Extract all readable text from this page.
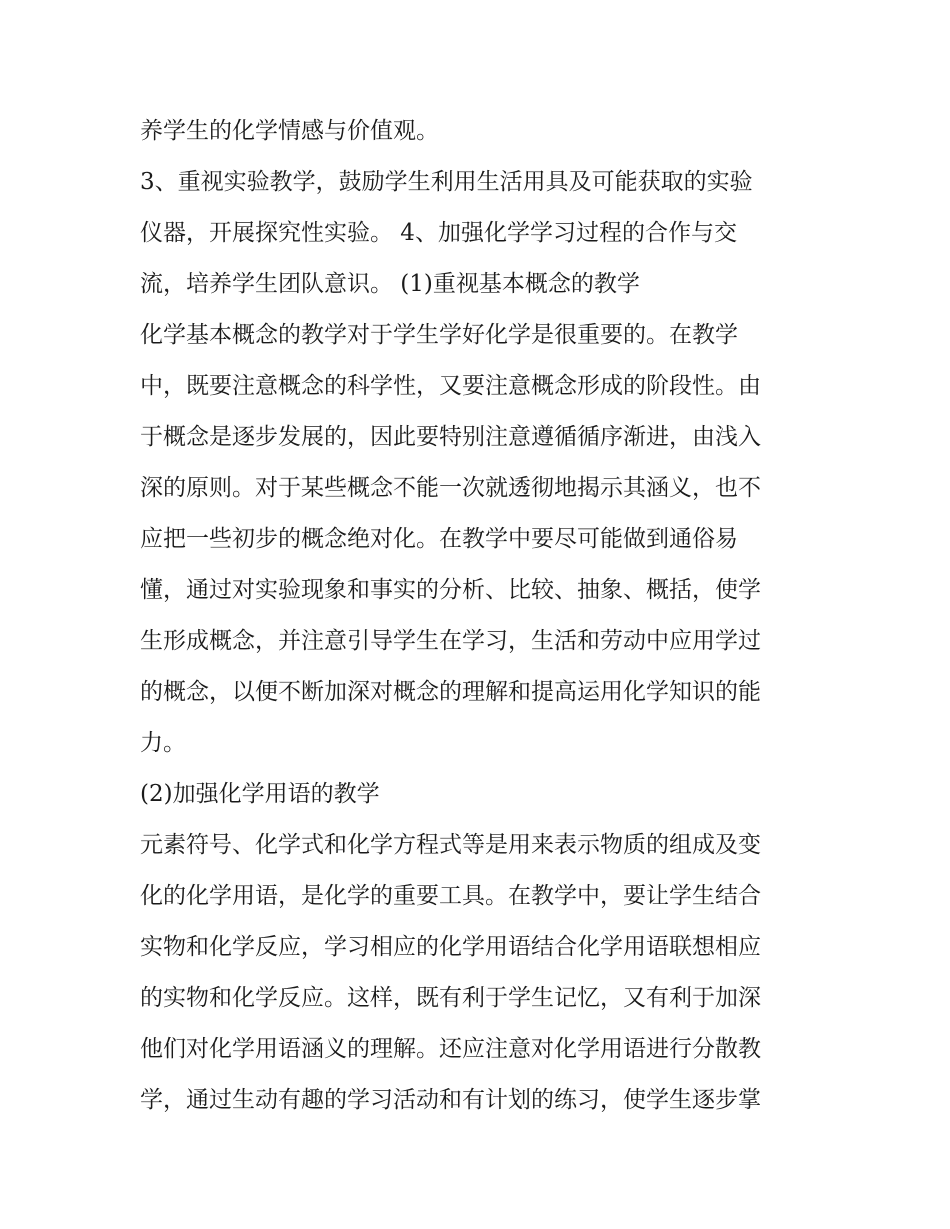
养学生的化学情感与价值观。
3、重视实验教学，鼓励学生利用生活用具及可能获取的实验
仪器，开展探究性实验。 4、加强化学学习过程的合作与交
流，培养学生团队意识。 (1)重视基本概念的教学
化学基本概念的教学对于学生学好化学是很重要的。在教学
中，既要注意概念的科学性，又要注意概念形成的阶段性。由
于概念是逐步发展的，因此要特别注意遵循循序渐进，由浅入
深的原则。对于某些概念不能一次就透彻地揭示其涵义，也不
应把一些初步的概念绝对化。在教学中要尽可能做到通俗易
懂，通过对实验现象和事实的分析、比较、抽象、概括，使学
生形成概念，并注意引导学生在学习，生活和劳动中应用学过
的概念，以便不断加深对概念的理解和提高运用化学知识的能
力。
(2)加强化学用语的教学
元素符号、化学式和化学方程式等是用来表示物质的组成及变
化的化学用语，是化学的重要工具。在教学中，要让学生结合
实物和化学反应，学习相应的化学用语结合化学用语联想相应
的实物和化学反应。这样，既有利于学生记忆，又有利于加深
他们对化学用语涵义的理解。还应注意对化学用语进行分散教
学，通过生动有趣的学习活动和有计划的练习，使学生逐步掌
